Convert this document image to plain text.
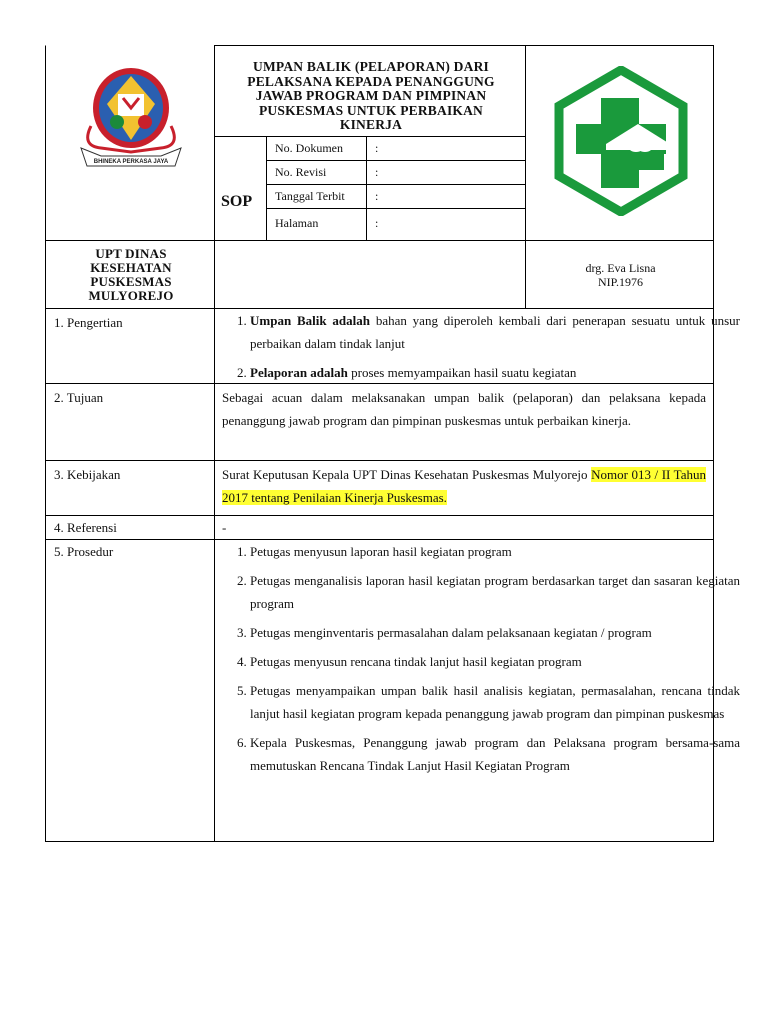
BHINEKA PERKASA JAYA
UMPAN BALIK (PELAPORAN) DARI PELAKSANA KEPADA PENANGGUNG JAWAB PROGRAM DAN PIMPINAN PUSKESMAS UNTUK PERBAIKAN KINERJA
SOP
No. Dokumen	:
No. Revisi	:
Tanggal Terbit	:
Halaman	:
UPT DINAS KESEHATAN PUSKESMAS MULYOREJO
drg. Eva Lisna
NIP.1976
1. Pengertian	1. Umpan Balik adalah bahan yang diperoleh kembali dari penerapan sesuatu untuk unsur perbaikan dalam tindak lanjut
2. Pelaporan adalah proses memyampaikan hasil suatu kegiatan
2. Tujuan	Sebagai acuan dalam melaksanakan umpan balik (pelaporan) dan pelaksana kepada penanggung jawab program dan pimpinan puskesmas untuk perbaikan kinerja.
3. Kebijakan	Surat Keputusan Kepala UPT Dinas Kesehatan Puskesmas Mulyorejo Nomor 013 / II Tahun 2017 tentang Penilaian Kinerja Puskesmas.
4. Referensi	-
5. Prosedur	1. Petugas menyusun laporan hasil kegiatan program
2. Petugas menganalisis laporan hasil kegiatan program berdasarkan target dan sasaran kegiatan program
3. Petugas menginventaris permasalahan dalam pelaksanaan kegiatan / program
4. Petugas menyusun rencana tindak lanjut hasil kegiatan program
5. Petugas menyampaikan umpan balik hasil analisis kegiatan, permasalahan, rencana tindak lanjut hasil kegiatan program kepada penanggung jawab program dan pimpinan puskesmas
6. Kepala Puskesmas, Penanggung jawab program dan Pelaksana program bersama-sama memutuskan Rencana Tindak Lanjut Hasil Kegiatan Program
